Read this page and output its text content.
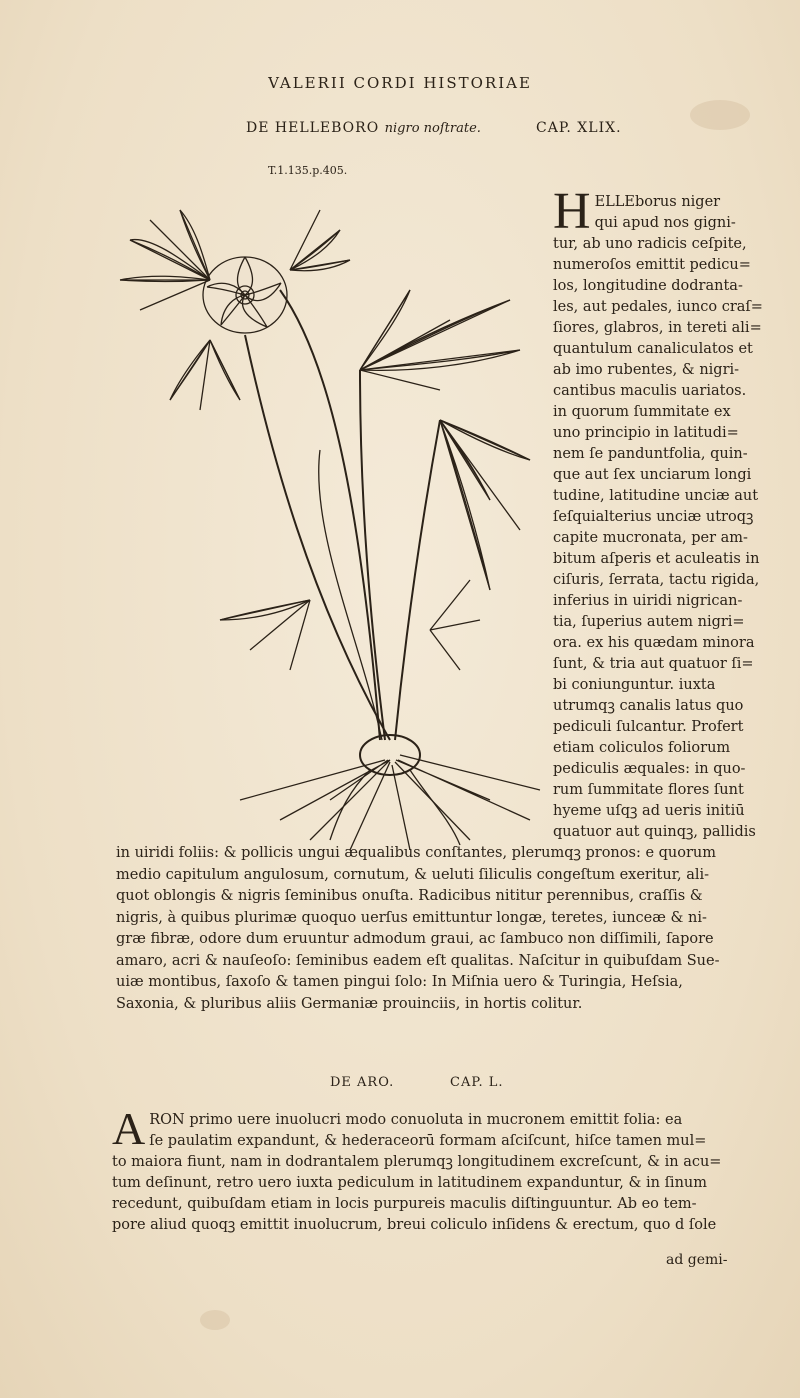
VALERII CORDI HISTORIAE
DE HELLEBORO nigro noſtrate.	CAP. XLIX.
T.1.135.p.405.
H ELLEborus niger
qui apud nos gigni-
tur, ab uno radicis ceſpite,
numeroſos emittit pedicu=
los, longitudine dodranta-
les, aut pedales, iunco craſ=
ſiores, glabros, in tereti ali=
quantulum canaliculatos et
ab imo rubentes, & nigri-
cantibus maculis uariatos.
in quorum ſummitate ex
uno principio in latitudi=
nem ſe panduntfolia, quin-
que aut ſex unciarum longi
tudine, latitudine unciæ aut
ſeſquialterius unciæ utroqꝫ
capite mucronata, per am-
bitum aſperis et aculeatis in
ciſuris, ſerrata, tactu rigida,
inferius in uiridi nigrican-
tia, ſuperius autem nigri=
ora. ex his quædam minora
ſunt, & tria aut quatuor ſi=
bi coniunguntur. iuxta
utrumqꝫ canalis latus quo
pediculi ſulcantur. Profert
etiam coliculos foliorum
pediculis æquales: in quo-
rum ſummitate flores ſunt
hyeme uſqꝫ ad ueris initiū
quatuor aut quinqꝫ, pallidis
in uiridi foliis: & pollicis ungui æqualibus conſtantes, plerumqꝫ pronos: e quorum
medio capitulum angulosum, cornutum, & ueluti ſiliculis congeſtum exeritur, ali-
quot oblongis & nigris ſeminibus onuſta. Radicibus nititur perennibus, craſſis &
nigris, à quibus plurimæ quoquo uerſus emittuntur longæ, teretes, iunceæ & ni-
græ fibræ, odore dum eruuntur admodum graui, ac ſambuco non diſſimili, ſapore
amaro, acri & nauſeoſo: ſeminibus eadem eſt qualitas. Naſcitur in quibuſdam Sue-
uiæ montibus, ſaxoſo & tamen pingui ſolo: In Miſnia uero & Turingia, Heſsia,
Saxonia, & pluribus aliis Germaniæ prouinciis, in hortis colitur.
DE ARO.	CAP. L.
A RON primo uere inuolucri modo conuoluta in mucronem emittit folia: ea
ſe paulatim expandunt, & hederaceorū formam aſciſcunt, hiſce tamen mul=
to maiora fiunt, nam in dodrantalem plerumqꝫ longitudinem excreſcunt, & in acu=
tum deſinunt, retro uero iuxta pediculum in latitudinem expanduntur, & in ſinum
recedunt, quibuſdam etiam in locis purpureis maculis diſtinguuntur. Ab eo tem-
pore aliud quoqꝫ emittit inuolucrum, breui coliculo inſidens & erectum, quo d ſole
ad gemi-
